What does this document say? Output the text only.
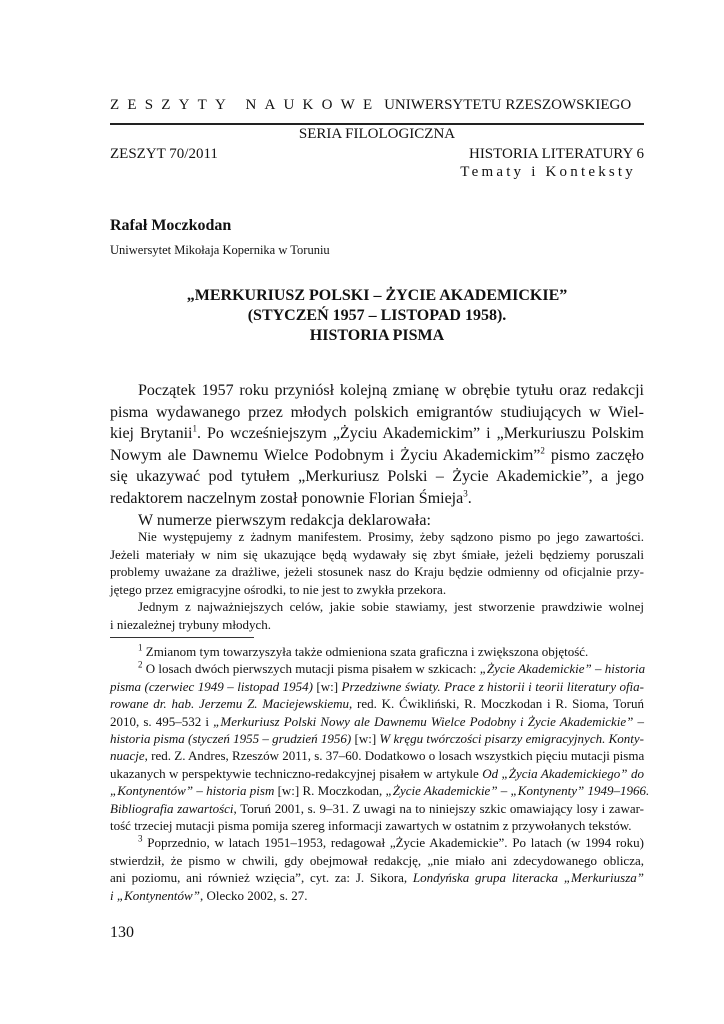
ZESZYTY NAUKOWE UNIWERSYTETU RZESZOWSKIEGO
SERIA FILOLOGICZNA
ZESZYT 70/2011	HISTORIA LITERATURY 6
Tematy i Konteksty
Rafał Moczkodan
Uniwersytet Mikołaja Kopernika w Toruniu
„MERKURIUSZ POLSKI – ŻYCIE AKADEMICKIE”
(STYCZEŃ 1957 – LISTOPAD 1958).
HISTORIA PISMA
Początek 1957 roku przyniósł kolejną zmianę w obrębie tytułu oraz redakcji
pisma wydawanego przez młodych polskich emigrantów studiujących w Wiel-
kiej Brytanii$^1$. Po wcześniejszym „Życiu Akademickim” i „Merkuriuszu Polskim
Nowym ale Dawnemu Wielce Podobnym i Życiu Akademickim”$^2$ pismo zaczęło
się ukazywać pod tytułem „Merkuriusz Polski – Życie Akademickie”, a jego
redaktorem naczelnym został ponownie Florian Śmieja$^3$.
W numerze pierwszym redakcja deklarowała:
Nie występujemy z żadnym manifestem. Prosimy, żeby sądzono pismo po jego zawartości.
Jeżeli materiały w nim się ukazujące będą wydawały się zbyt śmiałe, jeżeli będziemy poruszali
problemy uważane za drażliwe, jeżeli stosunek nasz do Kraju będzie odmienny od oficjalnie przy-
jętego przez emigracyjne ośrodki, to nie jest to zwykła przekora.
Jednym z najważniejszych celów, jakie sobie stawiamy, jest stworzenie prawdziwie wolnej
i niezależnej trybuny młodych.
$^1$ Zmianom tym towarzyszyła także odmieniona szata graficzna i zwiększona objętość.
$^2$ O losach dwóch pierwszych mutacji pisma pisałem w szkicach: „Życie Akademickie” – historia
pisma (czerwiec 1949 – listopad 1954) [w:] Przedziwne światy. Prace z historii i teorii literatury ofia-
rowane dr. hab. Jerzemu Z. Maciejewskiemu, red. K. Ćwikliński, R. Moczkodan i R. Sioma, Toruń
2010, s. 495–532 i „Merkuriusz Polski Nowy ale Dawnemu Wielce Podobny i Życie Akademickie” –
historia pisma (styczeń 1955 – grudzień 1956) [w:] W kręgu twórczości pisarzy emigracyjnych. Konty-
nuacje, red. Z. Andres, Rzeszów 2011, s. 37–60. Dodatkowo o losach wszystkich pięciu mutacji pisma
ukazanych w perspektywie techniczno-redakcyjnej pisałem w artykule Od „Życia Akademickiego” do
„Kontynentów” – historia pism [w:] R. Moczkodan, „Życie Akademickie” – „Kontynenty” 1949–1966.
Bibliografia zawartości, Toruń 2001, s. 9–31. Z uwagi na to niniejszy szkic omawiający losy i zawar-
tość trzeciej mutacji pisma pomija szereg informacji zawartych w ostatnim z przywołanych tekstów.
$^3$ Poprzednio, w latach 1951–1953, redagował „Życie Akademickie”. Po latach (w 1994 roku)
stwierdził, że pismo w chwili, gdy obejmował redakcję, „nie miało ani zdecydowanego oblicza,
ani poziomu, ani również wzięcia”, cyt. za: J. Sikora, Londyńska grupa literacka „Merkuriusza”
i „Kontynentów”, Olecko 2002, s. 27.
130
